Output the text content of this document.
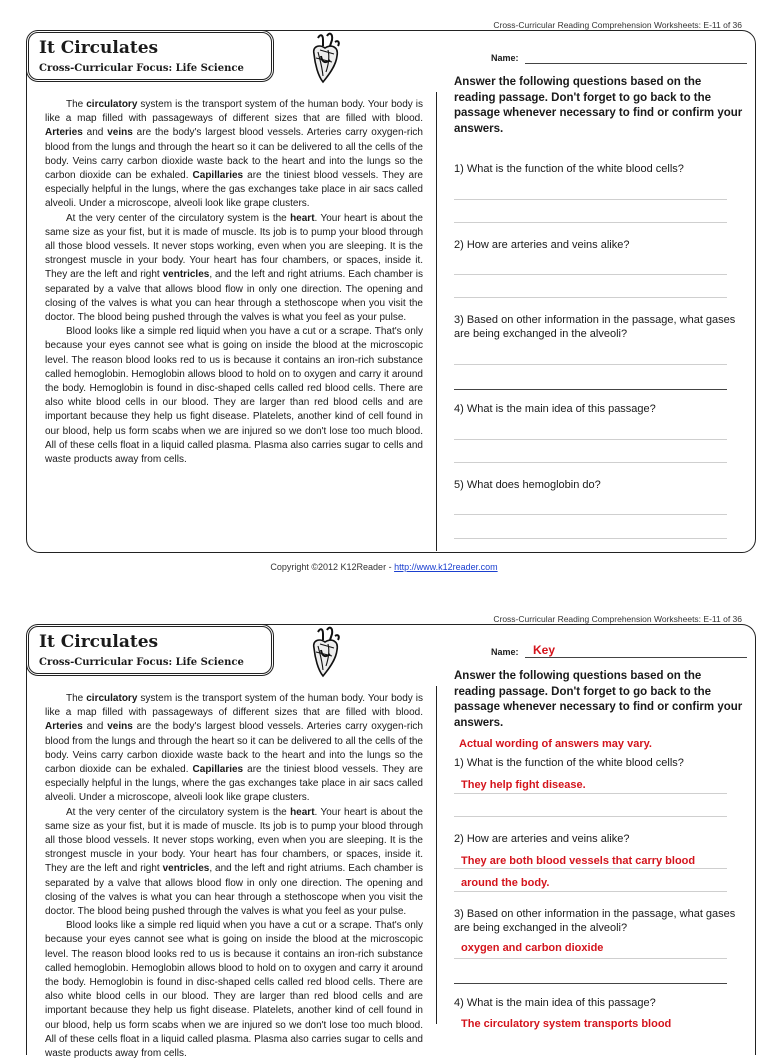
Cross-Curricular Reading Comprehension Worksheets: E-11 of 36
It Circulates
Cross-Curricular Focus: Life Science

The circulatory system is the transport system of the human body. Your body is like a map filled with passageways of different sizes that are filled with blood. Arteries and veins are the body's largest blood vessels. Arteries carry oxygen-rich blood from the lungs and through the heart so it can be delivered to all the cells of the body. Veins carry carbon dioxide waste back to the heart and into the lungs so the carbon dioxide can be exhaled. Capillaries are the tiniest blood vessels. They are especially helpful in the lungs, where the gas exchanges take place in air sacs called alveoli. Under a microscope, alveoli look like grape clusters.

At the very center of the circulatory system is the heart. Your heart is about the same size as your fist, but it is made of muscle. Its job is to pump your blood through all those blood vessels. It never stops working, even when you are sleeping. It is the strongest muscle in your body. Your heart has four chambers, or spaces, inside it. They are the left and right ventricles, and the left and right atriums. Each chamber is separated by a valve that allows blood flow in only one direction. The opening and closing of the valves is what you can hear through a stethoscope when you visit the doctor. The blood being pushed through the valves is what you feel as your pulse.

Blood looks like a simple red liquid when you have a cut or a scrape. That's only because your eyes cannot see what is going on inside the blood at the microscopic level. The reason blood looks red to us is because it contains an iron-rich substance called hemoglobin. Hemoglobin allows blood to hold on to oxygen and carry it around the body. Hemoglobin is found in disc-shaped cells called red blood cells. There are also white blood cells in our blood. They are larger than red blood cells and are important because they help us fight disease. Platelets, another kind of cell found in our blood, help us form scabs when we are injured so we don't lose too much blood. All of these cells float in a liquid called plasma. Plasma also carries sugar to cells and waste products away from cells.

Name:
Answer the following questions based on the reading passage. Don't forget to go back to the passage whenever necessary to find or confirm your answers.
1) What is the function of the white blood cells?
2) How are arteries and veins alike?
3) Based on other information in the passage, what gases are being exchanged in the alveoli?
4) What is the main idea of this passage?
5) What does hemoglobin do?
Copyright ©2012 K12Reader - http://www.k12reader.com
Cross-Curricular Reading Comprehension Worksheets: E-11 of 36
It Circulates
Cross-Curricular Focus: Life Science

The circulatory system is the transport system of the human body. Your body is like a map filled with passageways of different sizes that are filled with blood. Arteries and veins are the body's largest blood vessels. Arteries carry oxygen-rich blood from the lungs and through the heart so it can be delivered to all the cells of the body. Veins carry carbon dioxide waste back to the heart and into the lungs so the carbon dioxide can be exhaled. Capillaries are the tiniest blood vessels. They are especially helpful in the lungs, where the gas exchanges take place in air sacs called alveoli. Under a microscope, alveoli look like grape clusters.

At the very center of the circulatory system is the heart. Your heart is about the same size as your fist, but it is made of muscle. Its job is to pump your blood through all those blood vessels. It never stops working, even when you are sleeping. It is the strongest muscle in your body. Your heart has four chambers, or spaces, inside it. They are the left and right ventricles, and the left and right atriums. Each chamber is separated by a valve that allows blood flow in only one direction. The opening and closing of the valves is what you can hear through a stethoscope when you visit the doctor. The blood being pushed through the valves is what you feel as your pulse.

Blood looks like a simple red liquid when you have a cut or a scrape. That's only because your eyes cannot see what is going on inside the blood at the microscopic level. The reason blood looks red to us is because it contains an iron-rich substance called hemoglobin. Hemoglobin allows blood to hold on to oxygen and carry it around the body. Hemoglobin is found in disc-shaped cells called red blood cells. There are also white blood cells in our blood. They are larger than red blood cells and are important because they help us fight disease. Platelets, another kind of cell found in our blood, help us form scabs when we are injured so we don't lose too much blood. All of these cells float in a liquid called plasma. Plasma also carries sugar to cells and waste products away from cells.

Name: Key
Answer the following questions based on the reading passage. Don't forget to go back to the passage whenever necessary to find or confirm your answers.
Actual wording of answers may vary.
1) What is the function of the white blood cells?
They help fight disease.
2) How are arteries and veins alike?
They are both blood vessels that carry blood
around the body.
3) Based on other information in the passage, what gases are being exchanged in the alveoli?
oxygen and carbon dioxide
4) What is the main idea of this passage?
The circulatory system transports blood
